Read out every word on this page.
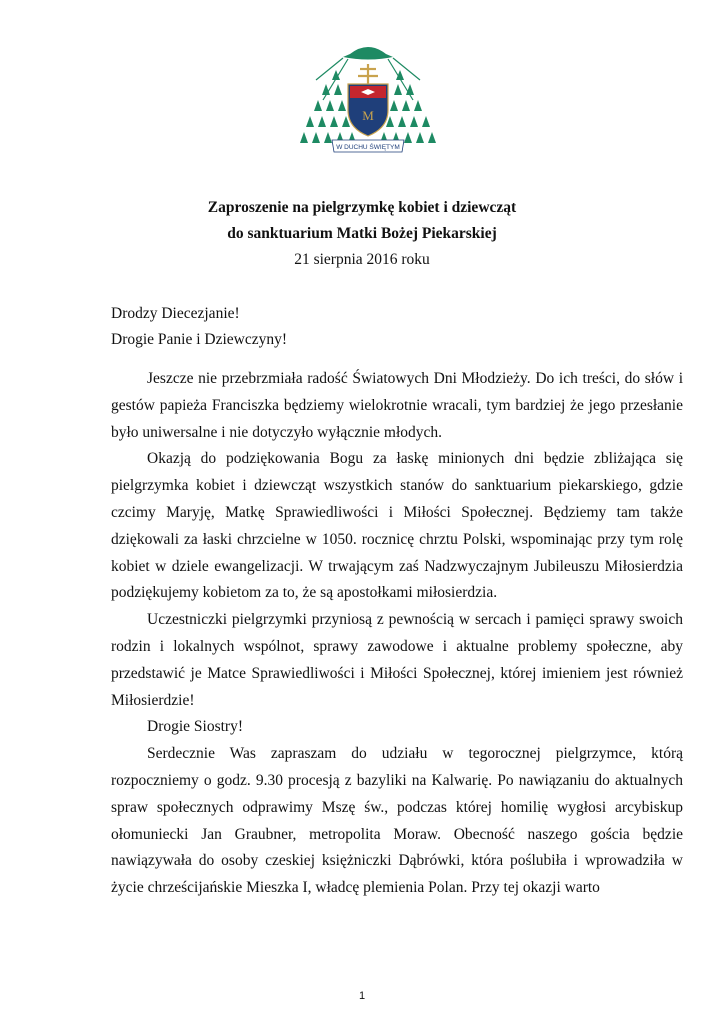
M
W DUCHU ŚWIĘTYM
Zaproszenie na pielgrzymkę kobiet i dziewcząt
do sanktuarium Matki Bożej Piekarskiej
21 sierpnia 2016 roku
Drodzy Diecezjanie!
Drogie Panie i Dziewczyny!

Jeszcze nie przebrzmiała radość Światowych Dni Młodzieży. Do ich treści, do słów i gestów papieża Franciszka będziemy wielokrotnie wracali, tym bardziej że jego przesłanie było uniwersalne i nie dotyczyło wyłącznie młodych.

Okazją do podziękowania Bogu za łaskę minionych dni będzie zbliżająca się pielgrzymka kobiet i dziewcząt wszystkich stanów do sanktuarium piekarskiego, gdzie czcimy Maryję, Matkę Sprawiedliwości i Miłości Społecznej. Będziemy tam także dziękowali za łaski chrzcielne w 1050. rocznicę chrztu Polski, wspominając przy tym rolę kobiet w dziele ewangelizacji. W trwającym zaś Nadzwyczajnym Jubileuszu Miłosierdzia podziękujemy kobietom za to, że są apostołkami miłosierdzia.

Uczestniczki pielgrzymki przyniosą z pewnością w sercach i pamięci sprawy swoich rodzin i lokalnych wspólnot, sprawy zawodowe i aktualne problemy społeczne, aby przedstawić je Matce Sprawiedliwości i Miłości Społecznej, której imieniem jest również Miłosierdzie!

Drogie Siostry!

Serdecznie Was zapraszam do udziału w tegorocznej pielgrzymce, którą rozpoczniemy o godz. 9.30 procesją z bazyliki na Kalwarię. Po nawiązaniu do aktualnych spraw społecznych odprawimy Mszę św., podczas której homilię wygłosi arcybiskup ołomuniecki Jan Graubner, metropolita Moraw. Obecność naszego gościa będzie nawiązywała do osoby czeskiej księżniczki Dąbrówki, która poślubiła i wprowadziła w życie chrześcijańskie Mieszka I, władcę plemienia Polan. Przy tej okazji warto

1
